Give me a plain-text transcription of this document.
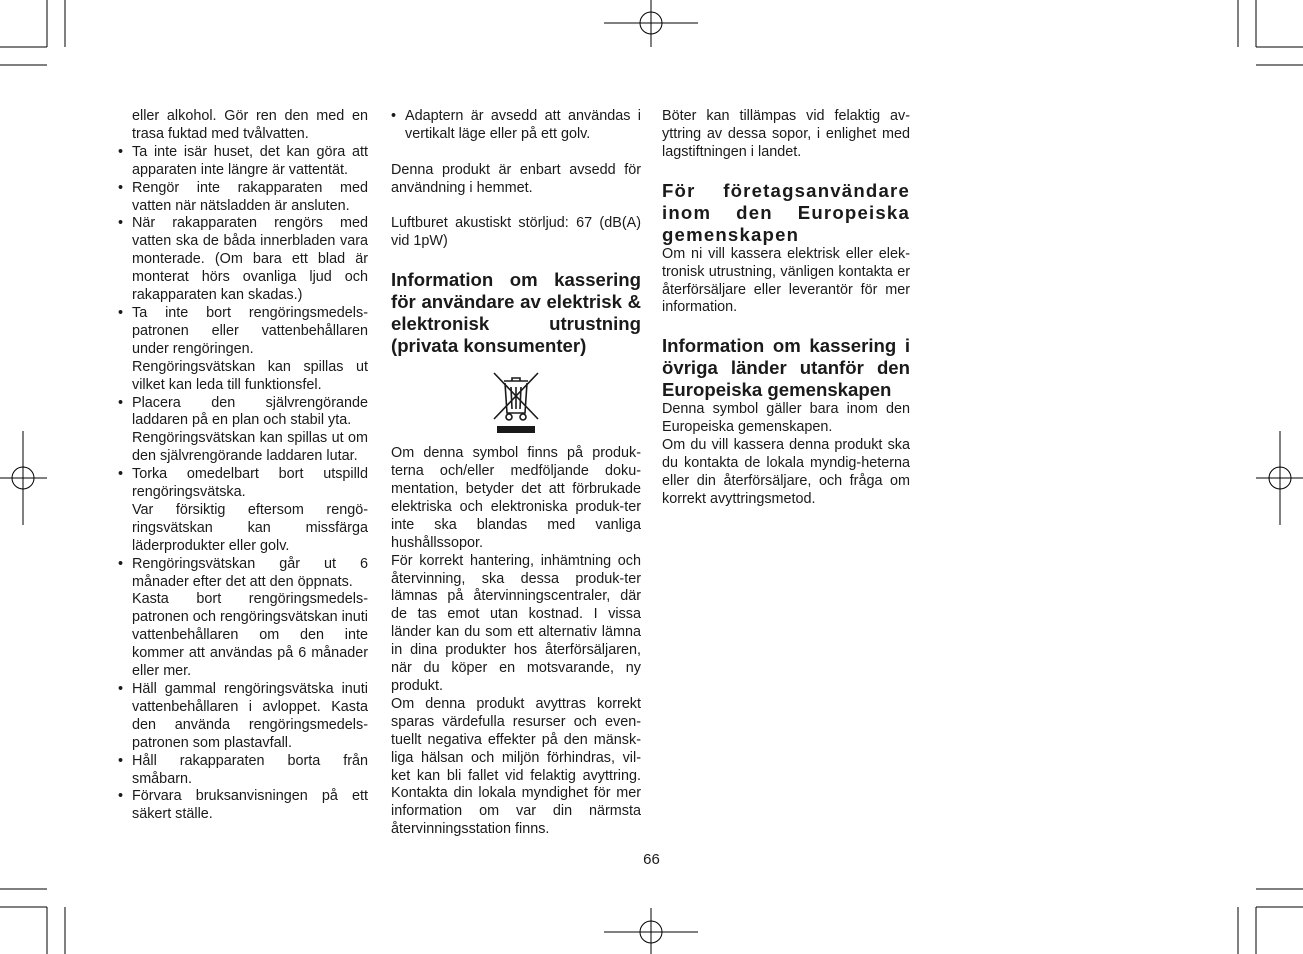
eller alkohol. Gör ren den med en trasa fuktad med tvålvatten.

• Ta inte isär huset, det kan göra att apparaten inte längre är vattentät.
• Rengör inte rakapparaten med vatten när nätsladden är ansluten.
• När rakapparaten rengörs med vatten ska de båda innerbladen vara monterade. (Om bara ett blad är monterat hörs ovanliga ljud och rakapparaten kan skadas.)
• Ta inte bort rengöringsmedels-patronen eller vattenbehållaren under rengöringen.
Rengöringsvätskan kan spillas ut vilket kan leda till funktionsfel.
• Placera den självrengörande laddaren på en plan och stabil yta.
Rengöringsvätskan kan spillas ut om den självrengörande laddaren lutar.
• Torka omedelbart bort utspilld rengöringsvätska.
Var försiktig eftersom rengö-ringsvätskan kan missfärga läderprodukter eller golv.
• Rengöringsvätskan går ut 6 månader efter det att den öppnats.
Kasta bort rengöringsmedels-patronen och rengöringsvätskan inuti vattenbehållaren om den inte kommer att användas på 6 månader eller mer.
• Häll gammal rengöringsvätska inuti vattenbehållaren i avloppet. Kasta den använda rengöringsmedels-patronen som plastavfall.
• Håll rakapparaten borta från småbarn.
• Förvara bruksanvisningen på ett säkert ställe.
• Adaptern är avsedd att användas i vertikalt läge eller på ett golv.

Denna produkt är enbart avsedd för användning i hemmet.

Luftburet akustiskt störljud: 67 (dB(A) vid 1pW)

Information om kassering för användare av elektrisk & elektronisk utrustning (privata konsumenter)

Om denna symbol finns på produk-terna och/eller medföljande doku-mentation, betyder det att förbrukade elektriska och elektroniska produk-ter inte ska blandas med vanliga hushållssopor.

För korrekt hantering, inhämtning och återvinning, ska dessa produk-ter lämnas på återvinningscentraler, där de tas emot utan kostnad. I vissa länder kan du som ett alternativ lämna in dina produkter hos återförsäljaren, när du köper en motsvarande, ny produkt.

Om denna produkt avyttras korrekt sparas värdefulla resurser och even-tuellt negativa effekter på den mänsk-liga hälsan och miljön förhindras, vil-ket kan bli fallet vid felaktig avyttring. Kontakta din lokala myndighet för mer information om var din närmsta återvinningsstation finns.

Böter kan tillämpas vid felaktig av-yttring av dessa sopor, i enlighet med lagstiftningen i landet.

För företagsanvändare inom den Europeiska gemenskapen

Om ni vill kassera elektrisk eller elek-tronisk utrustning, vänligen kontakta er återförsäljare eller leverantör för mer information.

Information om kassering i övriga länder utanför den Europeiska gemenskapen

Denna symbol gäller bara inom den Europeiska gemenskapen.

Om du vill kassera denna produkt ska du kontakta de lokala myndig-heterna eller din återförsäljare, och fråga om korrekt avyttringsmetod.

66
